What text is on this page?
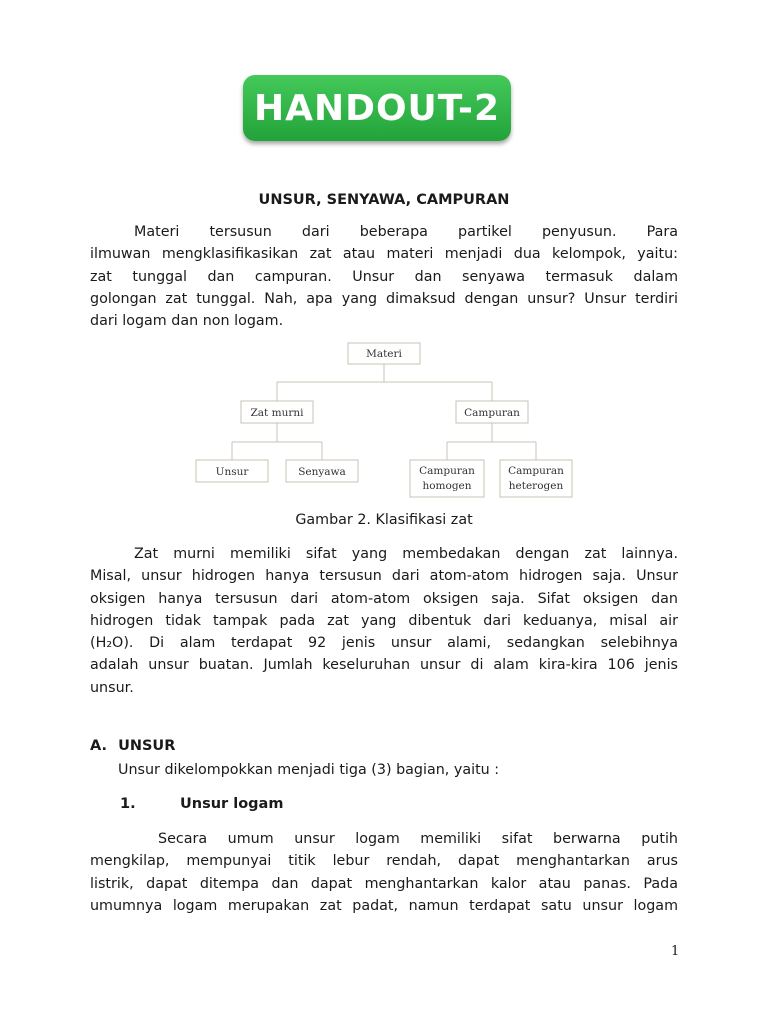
HANDOUT-2
UNSUR, SENYAWA, CAMPURAN
Materi tersusun dari beberapa partikel penyusun. Para
ilmuwan mengklasifikasikan zat atau materi menjadi dua kelompok, yaitu:
zat tunggal dan campuran. Unsur dan senyawa termasuk dalam
golongan zat tunggal. Nah, apa yang dimaksud dengan unsur? Unsur terdiri
dari logam dan non logam.
Materi
Zat murni	Campuran
Unsur	Senyawa	Campuran
homogen
Campuran
heterogen
Gambar 2. Klasifikasi zat
Zat murni memiliki sifat yang membedakan dengan zat lainnya.
Misal, unsur hidrogen hanya tersusun dari atom-atom hidrogen saja. Unsur
oksigen hanya tersusun dari atom-atom oksigen saja. Sifat oksigen dan
hidrogen tidak tampak pada zat yang dibentuk dari keduanya, misal air
(H₂O). Di alam terdapat 92 jenis unsur alami, sedangkan selebihnya
adalah unsur buatan. Jumlah keseluruhan unsur di alam kira-kira 106 jenis
unsur.
A. UNSUR
Unsur dikelompokkan menjadi tiga (3) bagian, yaitu :
1.	Unsur logam
Secara umum unsur logam memiliki sifat berwarna putih
mengkilap, mempunyai titik lebur rendah, dapat menghantarkan arus
listrik, dapat ditempa dan dapat menghantarkan kalor atau panas. Pada
umumnya logam merupakan zat padat, namun terdapat satu unsur logam
1
